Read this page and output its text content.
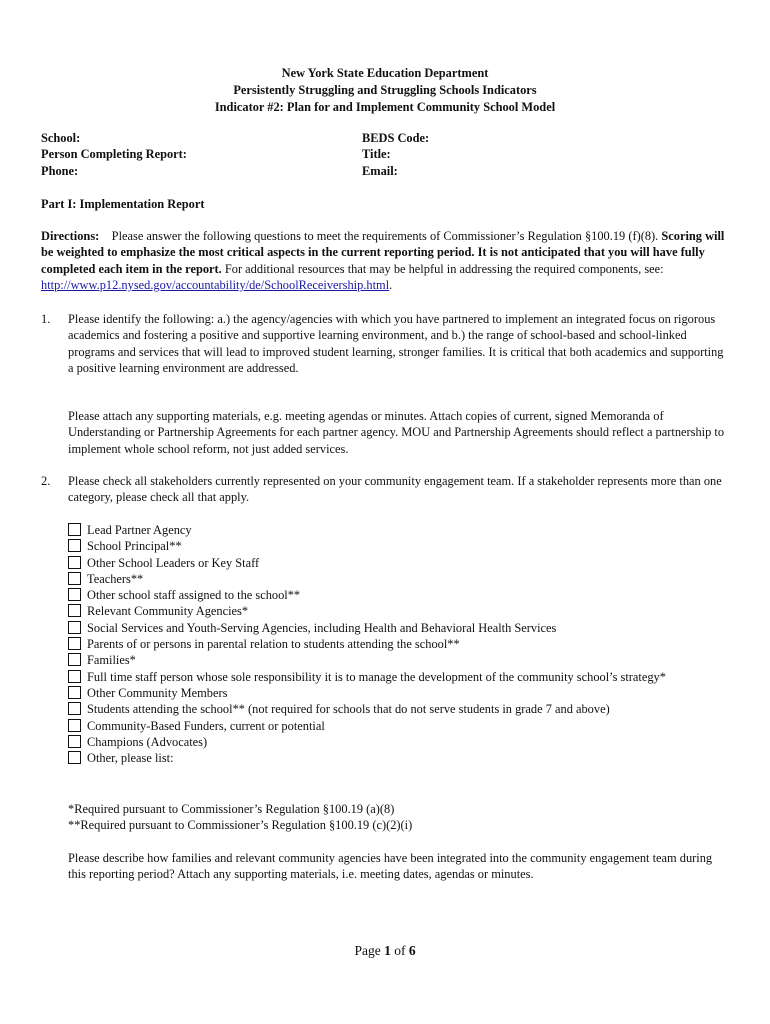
New York State Education Department
Persistently Struggling and Struggling Schools Indicators
Indicator #2: Plan for and Implement Community School Model
School:
Person Completing Report:
Phone:
BEDS Code:
Title:
Email:
Part I: Implementation Report
Directions: Please answer the following questions to meet the requirements of Commissioner’s Regulation §100.19 (f)(8). Scoring will be weighted to emphasize the most critical aspects in the current reporting period. It is not anticipated that you will have fully completed each item in the report. For additional resources that may be helpful in addressing the required components, see: http://www.p12.nysed.gov/accountability/de/SchoolReceivership.html.
1.	Please identify the following: a.) the agency/agencies with which you have partnered to implement an integrated focus on rigorous academics and fostering a positive and supportive learning environment, and b.) the range of school-based and school-linked programs and services that will lead to improved student learning, stronger families. It is critical that both academics and supporting a positive learning environment are addressed.
Please attach any supporting materials, e.g. meeting agendas or minutes. Attach copies of current, signed Memoranda of Understanding or Partnership Agreements for each partner agency. MOU and Partnership Agreements should reflect a partnership to implement whole school reform, not just added services.
2.	Please check all stakeholders currently represented on your community engagement team. If a stakeholder represents more than one category, please check all that apply.
Lead Partner Agency
School Principal**
Other School Leaders or Key Staff
Teachers**
Other school staff assigned to the school**
Relevant Community Agencies*
Social Services and Youth-Serving Agencies, including Health and Behavioral Health Services
Parents of or persons in parental relation to students attending the school**
Families*
Full time staff person whose sole responsibility it is to manage the development of the community school’s strategy*
Other Community Members
Students attending the school** (not required for schools that do not serve students in grade 7 and above)
Community-Based Funders, current or potential
Champions (Advocates)
Other, please list:
*Required pursuant to Commissioner’s Regulation §100.19 (a)(8)
**Required pursuant to Commissioner’s Regulation §100.19 (c)(2)(i)
Please describe how families and relevant community agencies have been integrated into the community engagement team during this reporting period? Attach any supporting materials, i.e. meeting dates, agendas or minutes.
Page 1 of 6
